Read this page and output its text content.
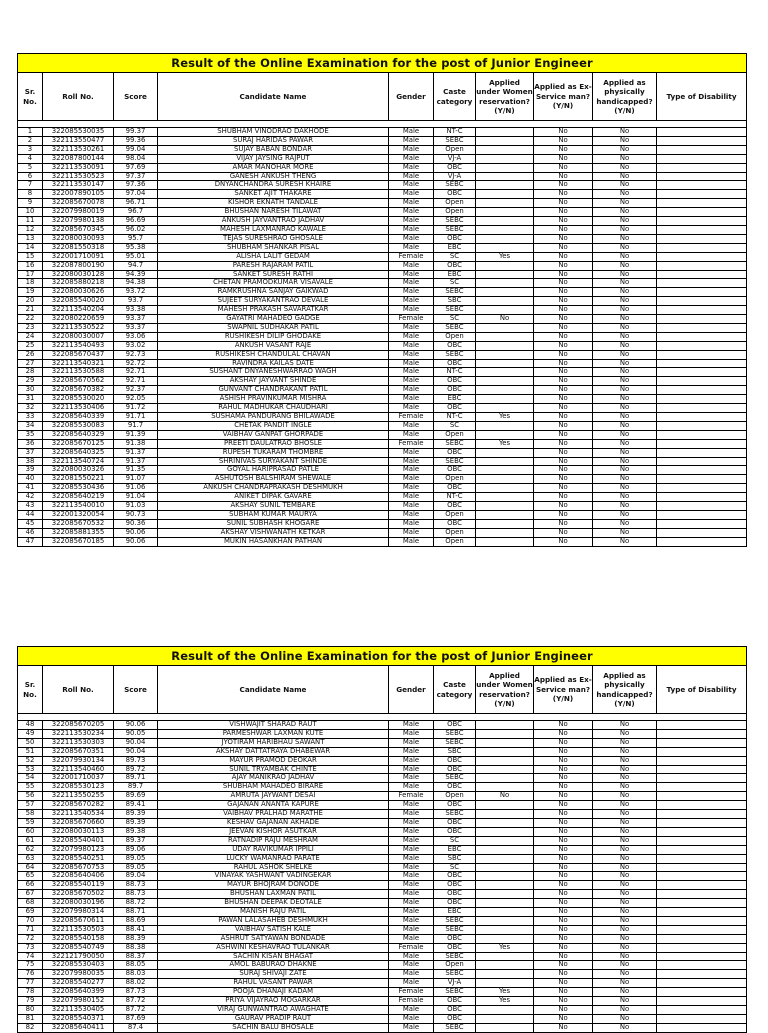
Result of the Online Examination for the post of Junior Engineer									
Sr. No.	Roll No.	Score	Candidate Name	Gender	Caste category	Applied under Women reservation? (Y/N)	Applied as Ex-Service man? (Y/N)	Applied as physically handicapped? (Y/N)	Type of Disability

1	322085530035	99.37	SHUBHAM VINODRAO DAKHODE	Male	NT-C		No	No	
2	322113550477	99.36	SURAJ HARIDAS PAWAR	Male	SEBC		No	No	
3	322113530261	99.04	SUJAY BABAN BONDAR	Male	Open		No	No	
4	322087800144	98.04	VIJAY JAYSING RAJPUT	Male	VJ-A		No	No	
5	322113530091	97.69	AMAR MANOHAR MORE	Male	OBC		No	No	
6	322113530523	97.37	GANESH ANKUSH THENG	Male	VJ-A		No	No	
7	322113530147	97.36	DNYANCHANDRA SURESH KHAIRE	Male	SEBC		No	No	
8	322007890105	97.04	SANKET AJIT THAKARE	Male	OBC		No	No	
9	322085670078	96.71	KISHOR EKNATH TANDALE	Male	Open		No	No	
10	322079980019	96.7	BHUSHAN NARESH TILAWAT	Male	Open		No	No	
11	322079980138	96.69	ANKUSH JAYVANTRAO JADHAV	Male	SEBC		No	No	
12	322085670345	96.02	MAHESH LAXMANRAO KAWALE	Male	SEBC		No	No	
13	322080030093	95.7	TEJAS SURESHRAO GHOSALE	Male	OBC		No	No	
14	322081550318	95.38	SHUBHAM SHANKAR PISAL	Male	EBC		No	No	
15	322001710091	95.01	ALISHA LALIT GEDAM	Female	SC	Yes	No	No	
16	322087800190	94.7	PARESH RAJARAM PATIL	Male	OBC		No	No	
17	322080030128	94.39	SANKET SURESH RATHI	Male	EBC		No	No	
18	322085880218	94.38	CHETAN PRAMODKUMAR VISAVALE	Male	SC		No	No	
19	322080030626	93.72	RAMKRUSHNA SANJAY GAIKWAD	Male	SEBC		No	No	
20	322085540020	93.7	SUJEET SURYAKANTRAO DEVALE	Male	SBC		No	No	
21	322113540204	93.38	MAHESH PRAKASH SAVARATKAR	Male	SEBC		No	No	
22	322080220659	93.37	GAYATRI MAHADEO GADGE	Female	SC	No	No	No	
23	322113530522	93.37	SWAPNIL SUDHAKAR PATIL	Male	SEBC		No	No	
24	322080030007	93.06	RUSHIKESH DILIP GHODAKE	Male	Open		No	No	
25	322113540493	93.02	ANKUSH VASANT RAJE	Male	OBC		No	No	
26	322085670437	92.73	RUSHIKESH CHANDULAL CHAVAN	Male	SEBC		No	No	
27	322113540321	92.72	RAVINDRA KAILAS DATE	Male	OBC		No	No	
28	322113530588	92.71	SUSHANT DNYANESHWARRAO WAGH	Male	NT-C		No	No	
29	322085670562	92.71	AKSHAY JAYVANT SHINDE	Male	OBC		No	No	
30	322085670382	92.37	GUNVANT CHANDRAKANT PATIL	Male	OBC		No	No	
31	322085530020	92.05	ASHISH PRAVINKUMAR MISHRA	Male	EBC		No	No	
32	322113530406	91.72	RAHUL MADHUKAR CHAUDHARI	Male	OBC		No	No	
33	322085640339	91.71	SUSHAMA PANDURANG BHILAWADE	Female	NT-C	Yes	No	No	
34	322085530083	91.7	CHETAK PANDIT INGLE	Male	SC		No	No	
35	322085640329	91.39	VAIBHAV GANPAT GHORPADE	Male	Open		No	No	
36	322085670125	91.38	PREETI DAULATRAO BHOSLE	Female	SEBC	Yes	No	No	
37	322085640325	91.37	RUPESH TUKARAM THOMBRE	Male	OBC		No	No	
38	322113540724	91.37	SHRINIVAS SURYAKANT SHINDE	Male	SEBC		No	No	
39	322080030326	91.35	GOYAL HARIPRASAD PATLE	Male	OBC		No	No	
40	322081550221	91.07	ASHUTOSH BALSHIRAM SHEWALE	Male	Open		No	No	
41	322085530436	91.06	ANKUSH CHANDRAPRAKASH DESHMUKH	Male	OBC		No	No	
42	322085640219	91.04	ANIKET DIPAK GAVARE	Male	NT-C		No	No	
43	322113540010	91.03	AKSHAY SUNIL TEMBARE	Male	OBC		No	No	
44	322001320054	90.73	SUBHAM KUMAR MAURYA	Male	Open		No	No	
45	322085670532	90.36	SUNIL SUBHASH KHOGARE	Male	OBC		No	No	
46	322085881355	90.06	AKSHAY VISHWANATH KETKAR	Male	Open		No	No	
47	322085670185	90.06	MUKIN HASANKHAN PATHAN	Male	Open		No	No	
Result of the Online Examination for the post of Junior Engineer									
Sr. No.	Roll No.	Score	Candidate Name	Gender	Caste category	Applied under Women reservation? (Y/N)	Applied as Ex-Service man? (Y/N)	Applied as physically handicapped? (Y/N)	Type of Disability

48	322085670205	90.06	VISHWAJIT SHARAD RAUT	Male	OBC		No	No	
49	322113530234	90.05	PARMESHWAR LAXMAN KUTE	Male	SEBC		No	No	
50	322113530303	90.04	JYOTIRAM HARIBHAU SAWANT	Male	SEBC		No	No	
51	322085670351	90.04	AKSHAY DATTATRAYA DHABEWAR	Male	SBC		No	No	
52	322079930134	89.73	MAYUR PRAMOD DEOKAR	Male	OBC		No	No	
53	322113540460	89.72	SUNIL TRYAMBAK CHINTE	Male	OBC		No	No	
54	322001710037	89.71	AJAY MANIKRAO JADHAV	Male	SEBC		No	No	
55	322085530123	89.7	SHUBHAM MAHADEO BIRARE	Male	OBC		No	No	
56	322113550255	89.69	AMRUTA JAYWANT DESAI	Female	Open	No	No	No	
57	322085670282	89.41	GAJANAN ANANTA KAPURE	Male	OBC		No	No	
58	322113540534	89.39	VAIBHAV PRALHAD MARATHE	Male	SEBC		No	No	
59	322085670660	89.39	KESHAV GAJANAN AKHADE	Male	OBC		No	No	
60	322080030113	89.38	JEEVAN KISHOR ASUTKAR	Male	OBC		No	No	
61	322085540401	89.37	RATNADIP RAJU MESHRAM	Male	SC		No	No	
62	322079980123	89.06	UDAY RAVIKUMAR IPPILI	Male	EBC		No	No	
63	322085540251	89.05	LUCKY WAMANRAO PARATE	Male	SBC		No	No	
64	322085670753	89.05	RAHUL ASHOK SHELKE	Male	SC		No	No	
65	322085640406	89.04	VINAYAK YASHWANT VADINGEKAR	Male	OBC		No	No	
66	322085540119	88.73	MAYUR BHOJRAM DONODE	Male	OBC		No	No	
67	322085670502	88.73	BHUSHAN LAXMAN PATIL	Male	OBC		No	No	
68	322080030196	88.72	BHUSHAN DEEPAK DEOTALE	Male	OBC		No	No	
69	322079980314	88.71	MANISH RAJU PATIL	Male	EBC		No	No	
70	322085670611	88.69	PAWAN LALASAHEB DESHMUKH	Male	SEBC		No	No	
71	322113530503	88.41	VAIBHAV SATISH KALE	Male	SEBC		No	No	
72	322085540158	88.39	ASHRUT SATYAWAN BONDADE	Male	OBC		No	No	
73	322085540749	88.38	ASHWINI KESHAVRAO TULANKAR	Female	OBC	Yes	No	No	
74	322121790050	88.37	SACHIN KISAN BHAGAT	Male	SEBC		No	No	
75	322085530403	88.05	AMOL BABURAO DHAKNE	Male	Open		No	No	
76	322079980035	88.03	SURAJ SHIVAJI ZATE	Male	SEBC		No	No	
77	322085540277	88.02	RAHUL VASANT PAWAR	Male	VJ-A		No	No	
78	322085640399	87.73	POOJA DHANAJI KADAM	Female	SEBC	Yes	No	No	
79	322079980152	87.72	PRIYA VIJAYRAO MOGARKAR	Female	OBC	Yes	No	No	
80	322113530405	87.72	VIRAJ GUNWANTRAO AWAGHATE	Male	OBC		No	No	
81	322085540371	87.69	GAURAV PRADIP RAUT	Male	OBC		No	No	
82	322085640411	87.4	SACHIN BALU BHOSALE	Male	SEBC		No	No	
